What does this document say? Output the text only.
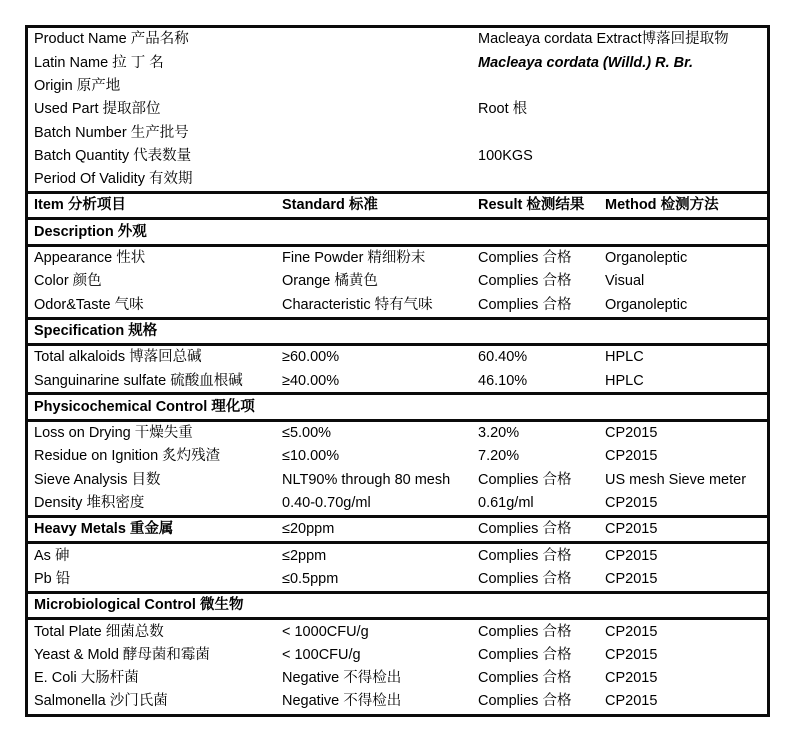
Product Name 产品名称	Macleaya cordata Extract博落回提取物
Latin Name 拉 丁 名	Macleaya cordata (Willd.) R. Br.
Origin 原产地
Used Part 提取部位	Root 根
Batch Number 生产批号
Batch Quantity 代表数量	100KGS
Period Of Validity 有效期
Item 分析项目	Standard 标准	Result 检测结果	Method 检测方法
Description 外观
Appearance 性状	Fine Powder 精细粉末	Complies 合格	Organoleptic
Color 颜色	Orange 橘黄色	Complies 合格	Visual
Odor&Taste 气味	Characteristic 特有气味	Complies 合格	Organoleptic
Specification 规格
Total alkaloids 博落回总碱	≥60.00%	60.40%	HPLC
Sanguinarine sulfate 硫酸血根碱	≥40.00%	46.10%	HPLC
Physicochemical Control 理化项
Loss on Drying 干燥失重	≤5.00%	3.20%	CP2015
Residue on Ignition 炙灼残渣	≤10.00%	7.20%	CP2015
Sieve Analysis 目数	NLT90% through 80 mesh	Complies 合格	US mesh Sieve meter
Density 堆积密度	0.40-0.70g/ml	0.61g/ml	CP2015
Heavy Metals 重金属	≤20ppm	Complies 合格	CP2015
As 砷	≤2ppm	Complies 合格	CP2015
Pb 铅	≤0.5ppm	Complies 合格	CP2015
Microbiological Control 微生物
Total Plate 细菌总数	< 1000CFU/g	Complies 合格	CP2015
Yeast & Mold 酵母菌和霉菌	< 100CFU/g	Complies 合格	CP2015
E. Coli 大肠杆菌	Negative 不得检出	Complies 合格	CP2015
Salmonella 沙门氏菌	Negative 不得检出	Complies 合格	CP2015
